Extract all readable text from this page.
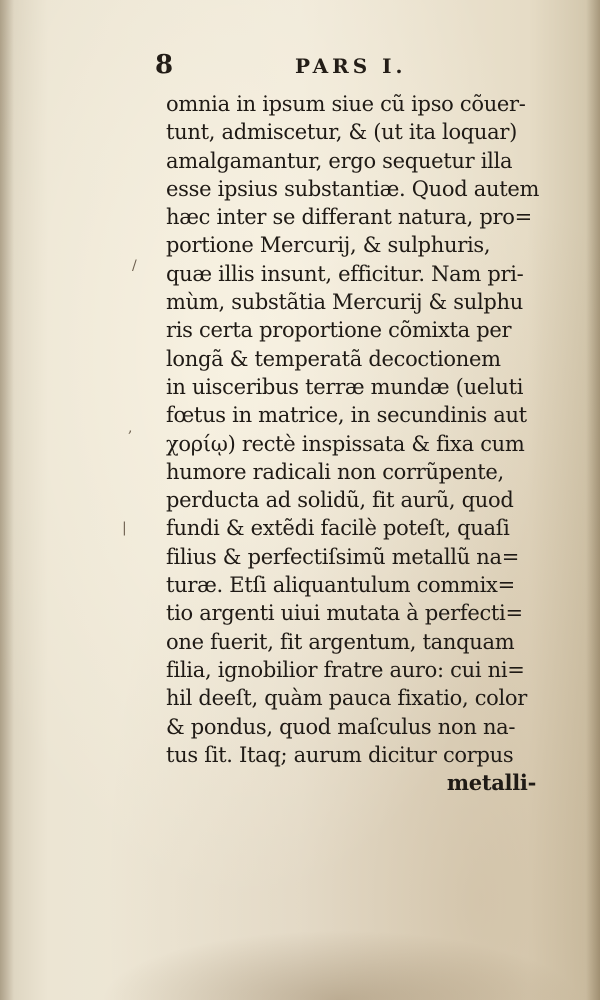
8	PARS I.
omnia in ipsum siue cũ ipso cõuer-
tunt, admiscetur, & (ut ita loquar)
amalgamantur, ergo sequetur illa
esse ipsius substantiæ. Quod autem
hæc inter se differant natura, pro=
portione Mercurij, & sulphuris,
quæ illis insunt, efficitur. Nam pri-
mùm, substãtia Mercurij & sulphu
ris certa proportione cõmixta per
longã & temperatã decoctionem
in uisceribus terræ mundæ (ueluti
fœtus in matrice, in secundinis aut
χορίῳ) rectè inspissata & fixa cum
humore radicali non corrũpente,
perducta ad solidũ, fit aurũ, quod
fundi & extẽdi facilè poteſt, quaſi
filius & perfectiſsimũ metallũ na=
turæ. Etſi aliquantulum commix=
tio argenti uiui mutata à perfecti=
one fuerit, fit argentum, tanquam
filia, ignobilior fratre auro: cui ni=
hil deeſt, quàm pauca fixatio, color
& pondus, quod maſculus non na-
tus ſit. Itaq; aurum dicitur corpus
metalli-
/
,
|
